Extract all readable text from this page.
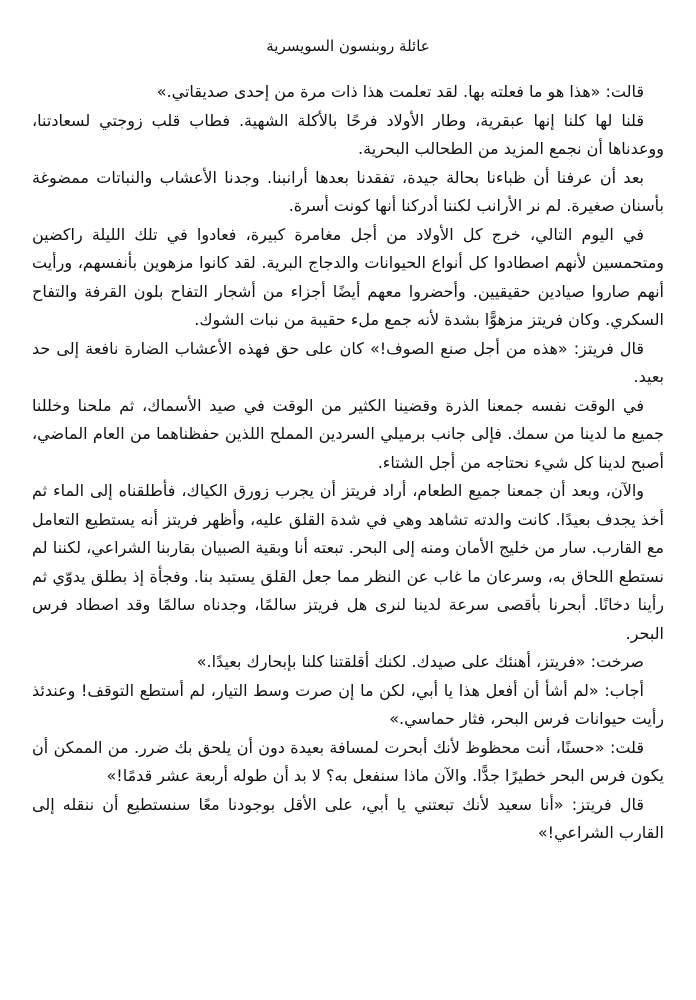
عائلة روبنسون السويسرية

قالت: «هذا هو ما فعلته بها. لقد تعلمت هذا ذات مرة من إحدى صديقاتي.»

قلنا لها كلنا إنها عبقرية، وطار الأولاد فرحًا بالأكلة الشهية. فطاب قلب زوجتي لسعادتنا، ووعدناها أن نجمع المزيد من الطحالب البحرية.

بعد أن عرفنا أن ظباءنا بحالة جيدة، تفقدنا بعدها أرانبنا. وجدنا الأعشاب والنباتات ممضوغة بأسنان صغيرة. لم نر الأرانب لكننا أدركنا أنها كونت أسرة.

في اليوم التالي، خرج كل الأولاد من أجل مغامرة كبيرة، فعادوا في تلك الليلة راكضين ومتحمسين لأنهم اصطادوا كل أنواع الحيوانات والدجاج البرية. لقد كانوا مزهوين بأنفسهم، ورأيت أنهم صاروا صيادين حقيقيين. وأحضروا معهم أيضًا أجزاء من أشجار التفاح بلون القرفة والتفاح السكري. وكان فريتز مزهوًّا بشدة لأنه جمع ملء حقيبة من نبات الشوك.

قال فريتز: «هذه من أجل صنع الصوف!» كان على حق فهذه الأعشاب الضارة نافعة إلى حد بعيد.

في الوقت نفسه جمعنا الذرة وقضينا الكثير من الوقت في صيد الأسماك، ثم ملحنا وخللنا جميع ما لدينا من سمك. فإلى جانب برميلي السردين المملح اللذين حفظناهما من العام الماضي، أصبح لدينا كل شيء نحتاجه من أجل الشتاء.

والآن، وبعد أن جمعنا جميع الطعام، أراد فريتز أن يجرب زورق الكياك، فأطلقناه إلى الماء ثم أخذ يجدف بعيدًا. كانت والدته تشاهد وهي في شدة القلق عليه، وأظهر فريتز أنه يستطيع التعامل مع القارب. سار من خليج الأمان ومنه إلى البحر. تبعته أنا وبقية الصبيان بقاربنا الشراعي، لكننا لم نستطع اللحاق به، وسرعان ما غاب عن النظر مما جعل القلق يستبد بنا. وفجأة إذ بطلق يدوّي ثم رأينا دخانًا. أبحرنا بأقصى سرعة لدينا لنرى هل فريتز سالمًا، وجدناه سالمًا وقد اصطاد فرس البحر.

صرخت: «فريتز، أهنئك على صيدك. لكنك أقلقتنا كلنا بإبحارك بعيدًا.»

أجاب: «لم أشأ أن أفعل هذا يا أبي، لكن ما إن صرت وسط التيار، لم أستطع التوقف! وعندئذ رأيت حيوانات فرس البحر، فثار حماسي.»

قلت: «حسنًا، أنت محظوظ لأنك أبحرت لمسافة بعيدة دون أن يلحق بك ضرر. من الممكن أن يكون فرس البحر خطيرًا جدًّا. والآن ماذا سنفعل به؟ لا بد أن طوله أربعة عشر قدمًا!»

قال فريتز: «أنا سعيد لأنك تبعتني يا أبي، على الأقل بوجودنا معًا سنستطيع أن ننقله إلى القارب الشراعي!»
